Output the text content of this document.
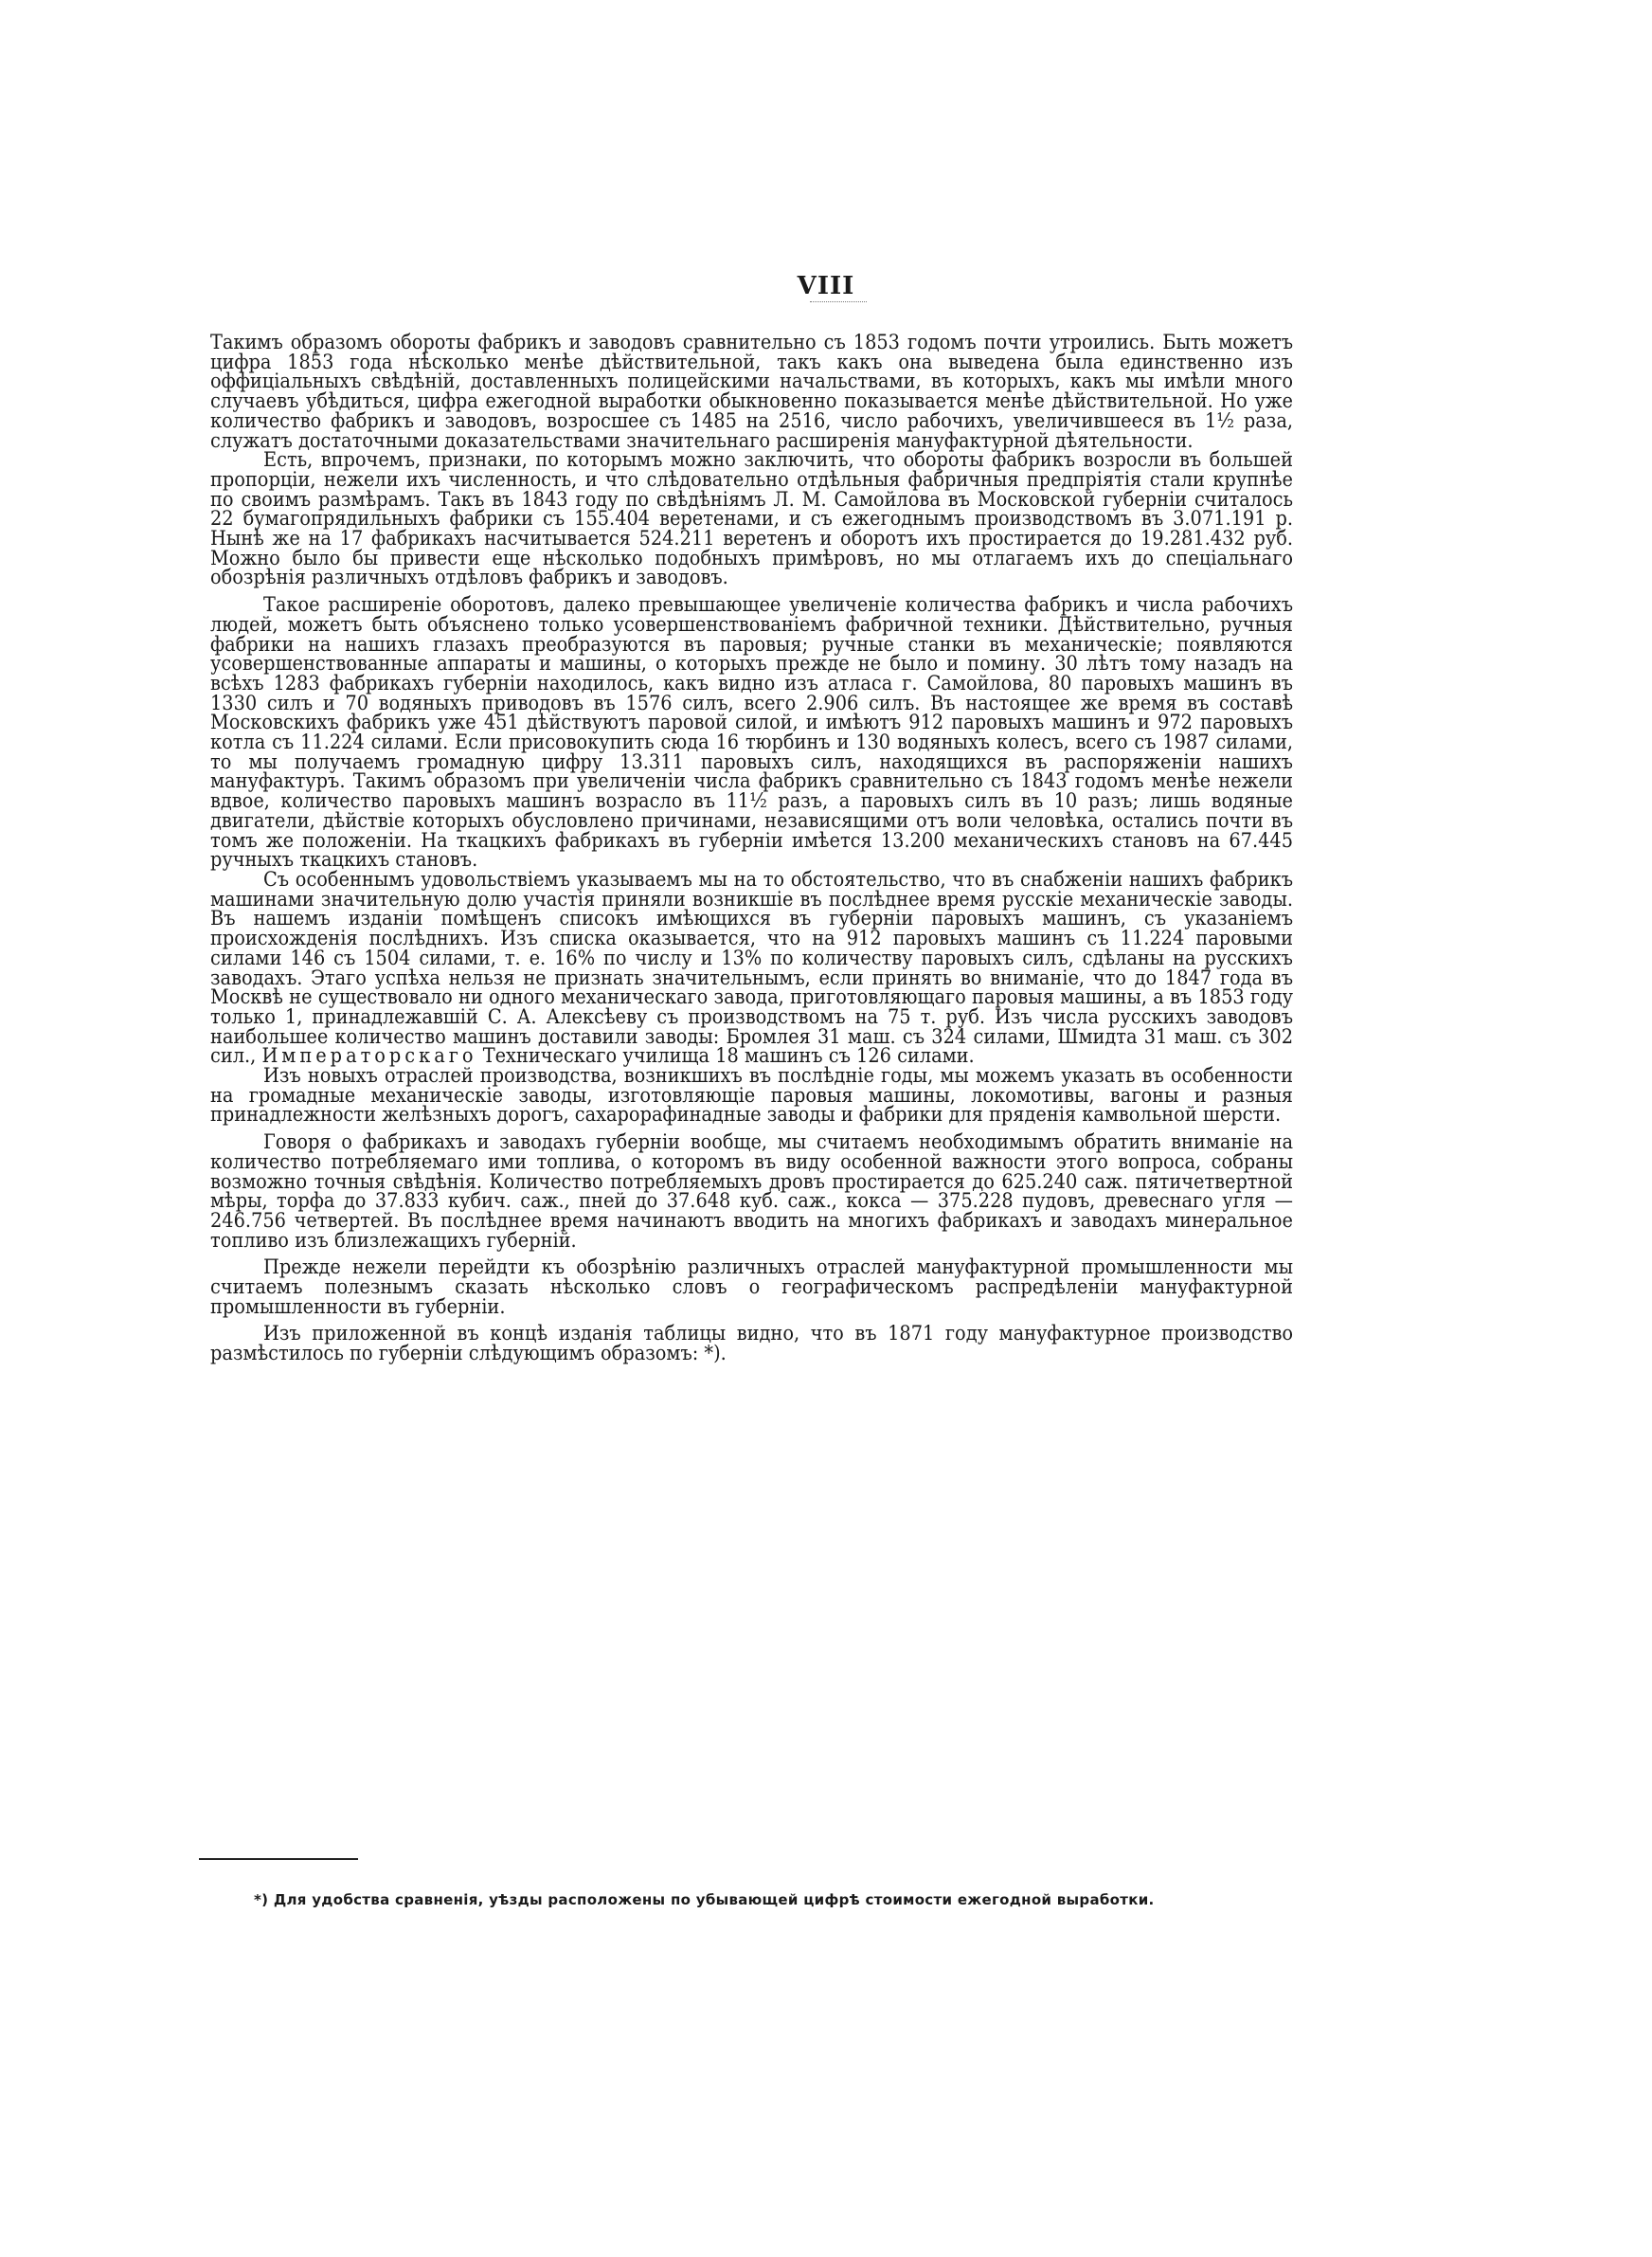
VIII

Такимъ образомъ обороты фабрикъ и заводовъ сравнительно съ 1853 годомъ почти утроились. Быть можетъ цифра 1853 года нѣсколько менѣе дѣйствительной, такъ какъ она выведена была единственно изъ оффиціальныхъ свѣдѣній, доставленныхъ полицейскими начальствами, въ которыхъ, какъ мы имѣли много случаевъ убѣдиться, цифра ежегодной выработки обыкновенно показывается менѣе дѣйствительной. Но уже количество фабрикъ и заводовъ, возросшее съ 1485 на 2516, число рабочихъ, увеличившееся въ 1½ раза, служатъ достаточными доказательствами значительнаго расширенія мануфактурной дѣятельности.

Есть, впрочемъ, признаки, по которымъ можно заключить, что обороты фабрикъ возросли въ большей пропорціи, нежели ихъ численность, и что слѣдовательно отдѣльныя фабричныя предпріятія стали крупнѣе по своимъ размѣрамъ. Такъ въ 1843 году по свѣдѣніямъ Л. М. Самойлова въ Московской губерніи считалось 22 бумагопрядильныхъ фабрики съ 155.404 веретенами, и съ ежегоднымъ производствомъ въ 3.071.191 р. Нынѣ же на 17 фабрикахъ насчитывается 524.211 веретенъ и оборотъ ихъ простирается до 19.281.432 руб. Можно было бы привести еще нѣсколько подобныхъ примѣровъ, но мы отлагаемъ ихъ до спеціальнаго обозрѣнія различныхъ отдѣловъ фабрикъ и заводовъ.

Такое расширеніе оборотовъ, далеко превышающее увеличеніе количества фабрикъ и числа рабочихъ людей, можетъ быть объяснено только усовершенствованіемъ фабричной техники. Дѣйствительно, ручныя фабрики на нашихъ глазахъ преобразуются въ паровыя; ручные станки въ механическіе; появляются усовершенствованные аппараты и машины, о которыхъ прежде не было и помину. 30 лѣтъ тому назадъ на всѣхъ 1283 фабрикахъ губерніи находилось, какъ видно изъ атласа г. Самойлова, 80 паровыхъ машинъ въ 1330 силъ и 70 водяныхъ приводовъ въ 1576 силъ, всего 2.906 силъ. Въ настоящее же время въ составѣ Московскихъ фабрикъ уже 451 дѣйствуютъ паровой силой, и имѣютъ 912 паровыхъ машинъ и 972 паровыхъ котла съ 11.224 силами. Если присовокупить сюда 16 тюрбинъ и 130 водяныхъ колесъ, всего съ 1987 силами, то мы получаемъ громадную цифру 13.311 паровыхъ силъ, находящихся въ распоряженіи нашихъ мануфактуръ. Такимъ образомъ при увеличеніи числа фабрикъ сравнительно съ 1843 годомъ менѣе нежели вдвое, количество паровыхъ машинъ возрасло въ 11½ разъ, а паровыхъ силъ въ 10 разъ; лишь водяные двигатели, дѣйствіе которыхъ обусловлено причинами, независящими отъ воли человѣка, остались почти въ томъ же положеніи. На ткацкихъ фабрикахъ въ губерніи имѣется 13.200 механическихъ становъ на 67.445 ручныхъ ткацкихъ становъ.

Съ особеннымъ удовольствіемъ указываемъ мы на то обстоятельство, что въ снабженіи нашихъ фабрикъ машинами значительную долю участія приняли возникшіе въ послѣднее время русскіе механическіе заводы. Въ нашемъ изданіи помѣщенъ списокъ имѣющихся въ губерніи паровыхъ машинъ, съ указаніемъ происхожденія послѣднихъ. Изъ списка оказывается, что на 912 паровыхъ машинъ съ 11.224 паровыми силами 146 съ 1504 силами, т. е. 16% по числу и 13% по количеству паровыхъ силъ, сдѣланы на русскихъ заводахъ. Этаго успѣха нельзя не признать значительнымъ, если принять во вниманіе, что до 1847 года въ Москвѣ не существовало ни одного механическаго завода, приготовляющаго паровыя машины, а въ 1853 году только 1, принадлежавшій С. А. Алексѣеву съ производствомъ на 75 т. руб. Изъ числа русскихъ заводовъ наибольшее количество машинъ доставили заводы: Бромлея 31 маш. съ 324 силами, Шмидта 31 маш. съ 302 сил., Императорскаго Техническаго училища 18 машинъ съ 126 силами.

Изъ новыхъ отраслей производства, возникшихъ въ послѣдніе годы, мы можемъ указать въ особенности на громадные механическіе заводы, изготовляющіе паровыя машины, локомотивы, вагоны и разныя принадлежности желѣзныхъ дорогъ, сахарорафинадные заводы и фабрики для пряденія камвольной шерсти.

Говоря о фабрикахъ и заводахъ губерніи вообще, мы считаемъ необходимымъ обратить вниманіе на количество потребляемаго ими топлива, о которомъ въ виду особенной важности этого вопроса, собраны возможно точныя свѣдѣнія. Количество потребляемыхъ дровъ простирается до 625.240 саж. пятичетвертной мѣры, торфа до 37.833 кубич. саж., пней до 37.648 куб. саж., кокса — 375.228 пудовъ, древеснаго угля — 246.756 четвертей. Въ послѣднее время начинаютъ вводить на многихъ фабрикахъ и заводахъ минеральное топливо изъ близлежащихъ губерній.

Прежде нежели перейдти къ обозрѣнію различныхъ отраслей мануфактурной промышленности мы считаемъ полезнымъ сказать нѣсколько словъ о географическомъ распредѣленіи мануфактурной промышленности въ губерніи.

Изъ приложенной въ концѣ изданія таблицы видно, что въ 1871 году мануфактурное производство размѣстилось по губерніи слѣдующимъ образомъ: *).

*) Для удобства сравненія, уѣзды расположены по убывающей цифрѣ стоимости ежегодной выработки.
